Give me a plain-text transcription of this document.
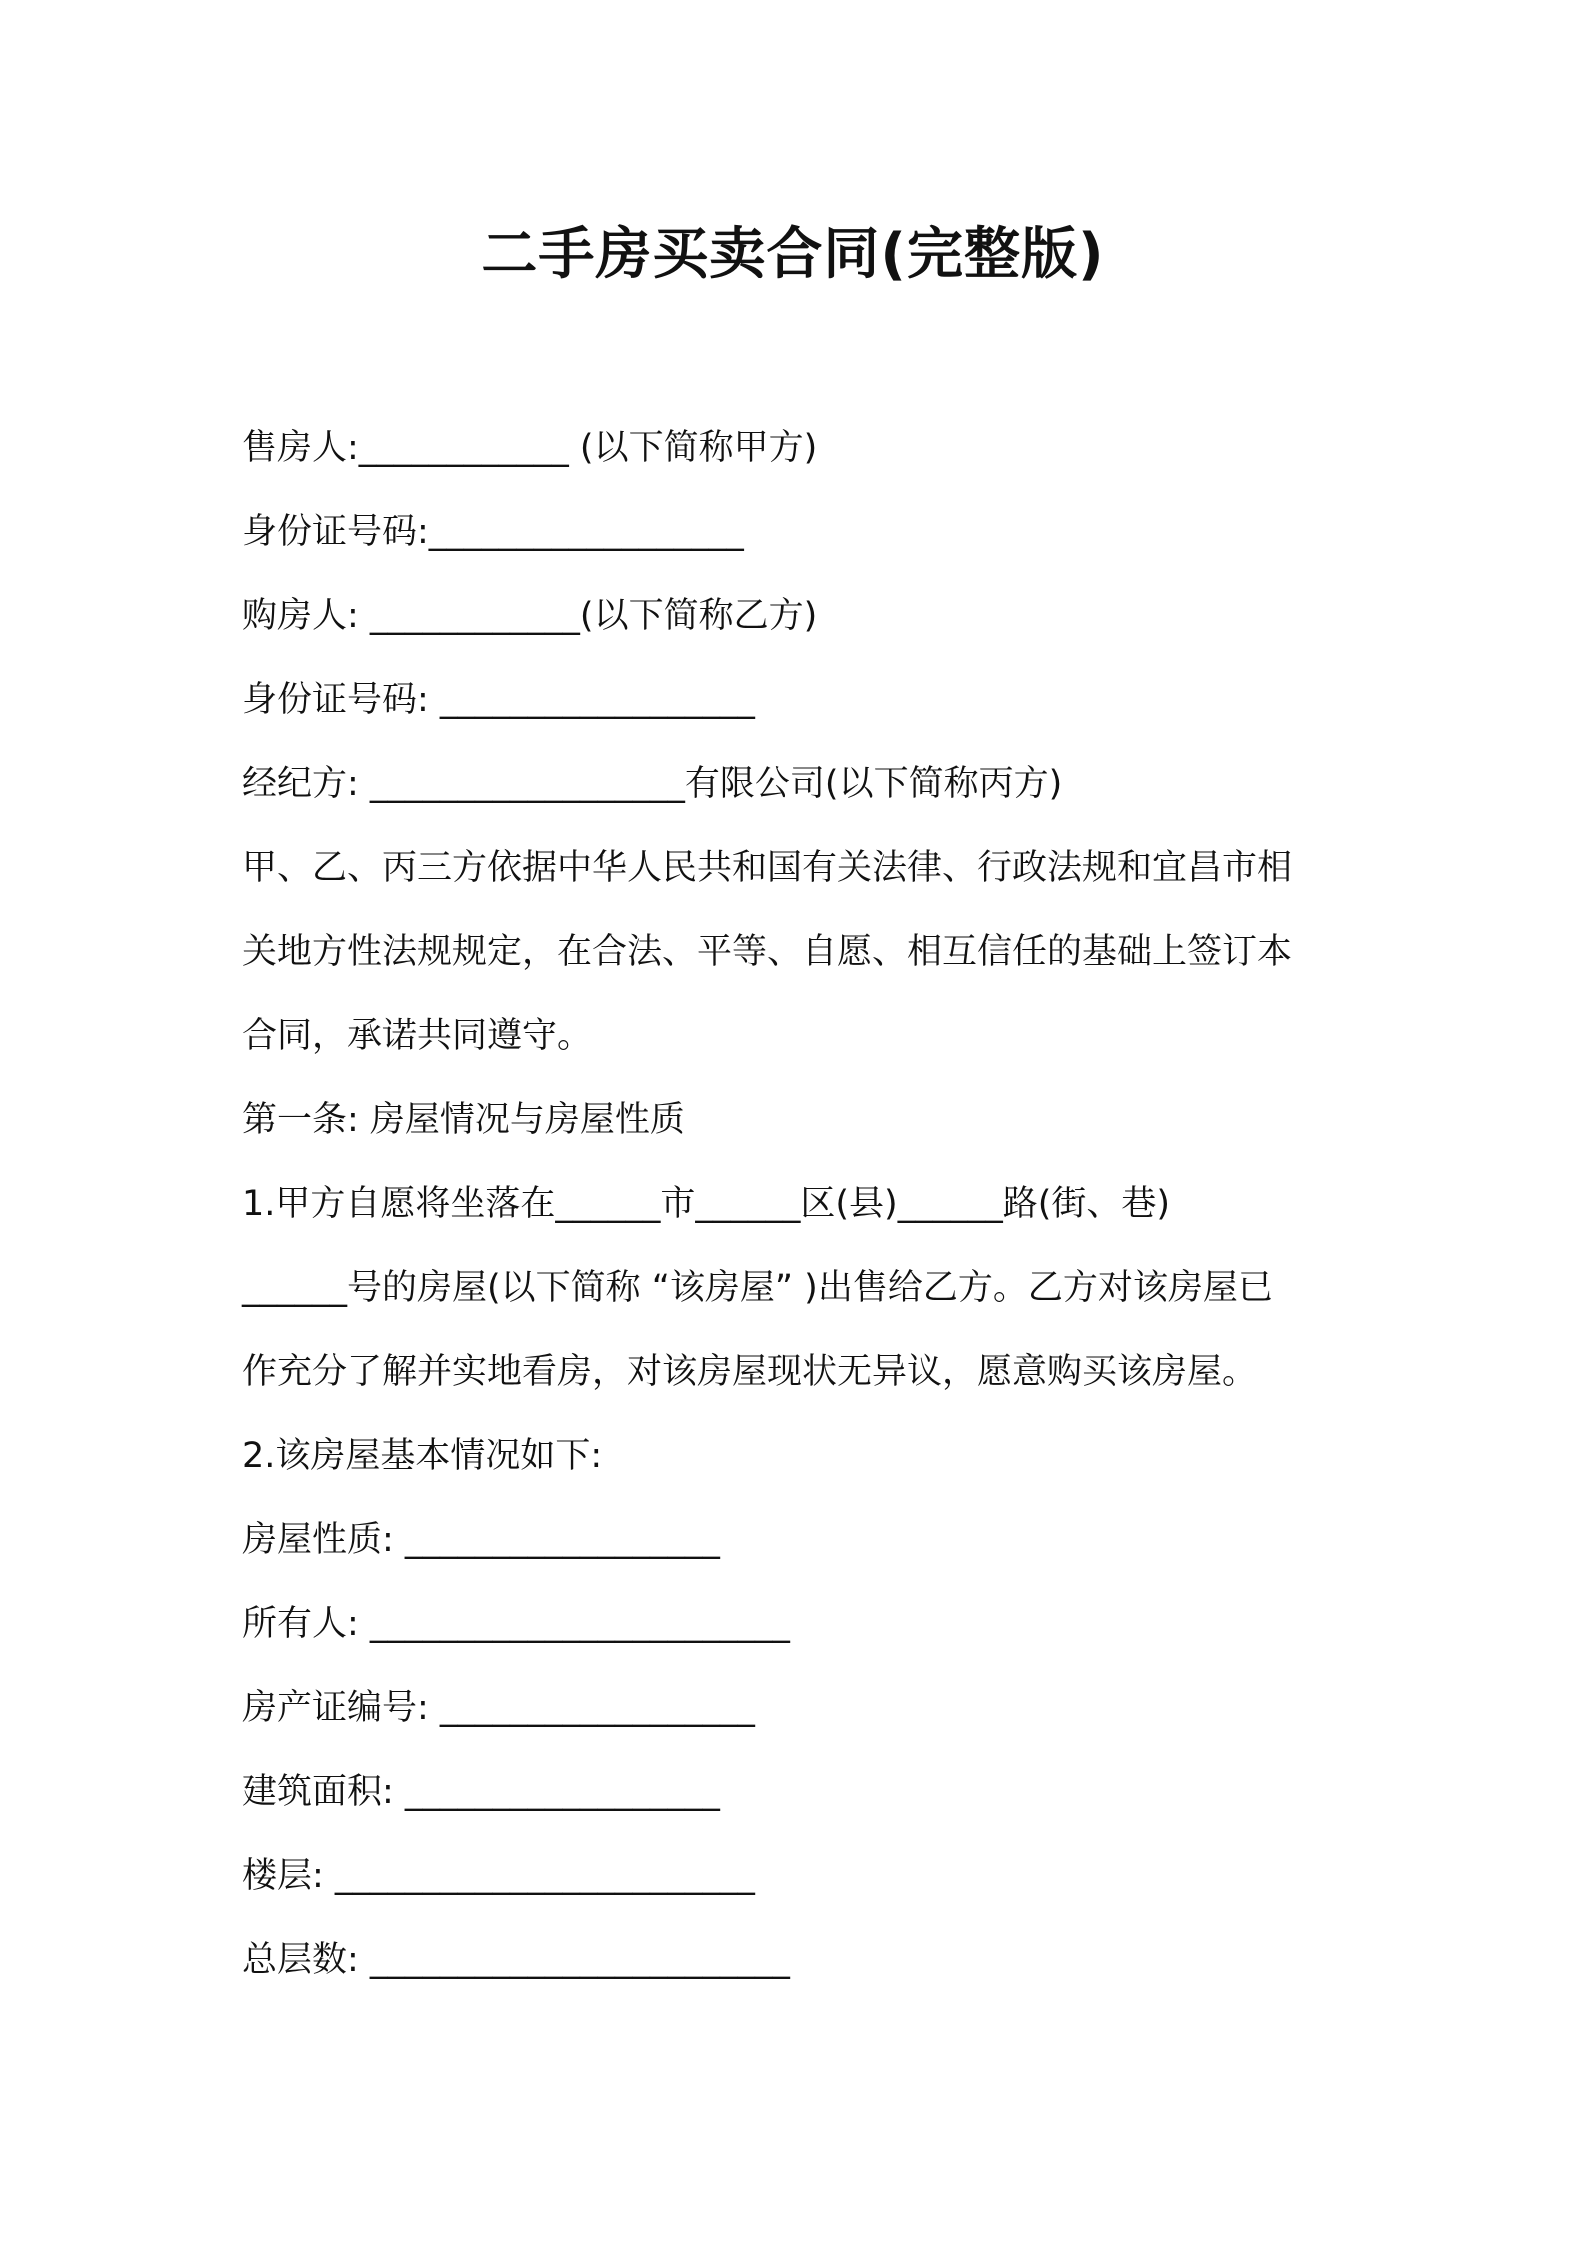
二手房买卖合同(完整版)
售房人:____________ (以下简称甲方)
身份证号码:__________________
购房人: ____________(以下简称乙方)
身份证号码: __________________
经纪方: __________________有限公司(以下简称丙方)
甲、乙、丙三方依据中华人民共和国有关法律、行政法规和宜昌市相
关地方性法规规定，在合法、平等、自愿、相互信任的基础上签订本
合同，承诺共同遵守。
第一条: 房屋情况与房屋性质
1.甲方自愿将坐落在______市______区(县)______路(街、巷)
______号的房屋(以下简称 “该房屋” )出售给乙方。乙方对该房屋已
作充分了解并实地看房，对该房屋现状无异议，愿意购买该房屋。
2.该房屋基本情况如下:
房屋性质: __________________
所有人: ________________________
房产证编号: __________________
建筑面积: __________________
楼层: ________________________
总层数: ________________________
